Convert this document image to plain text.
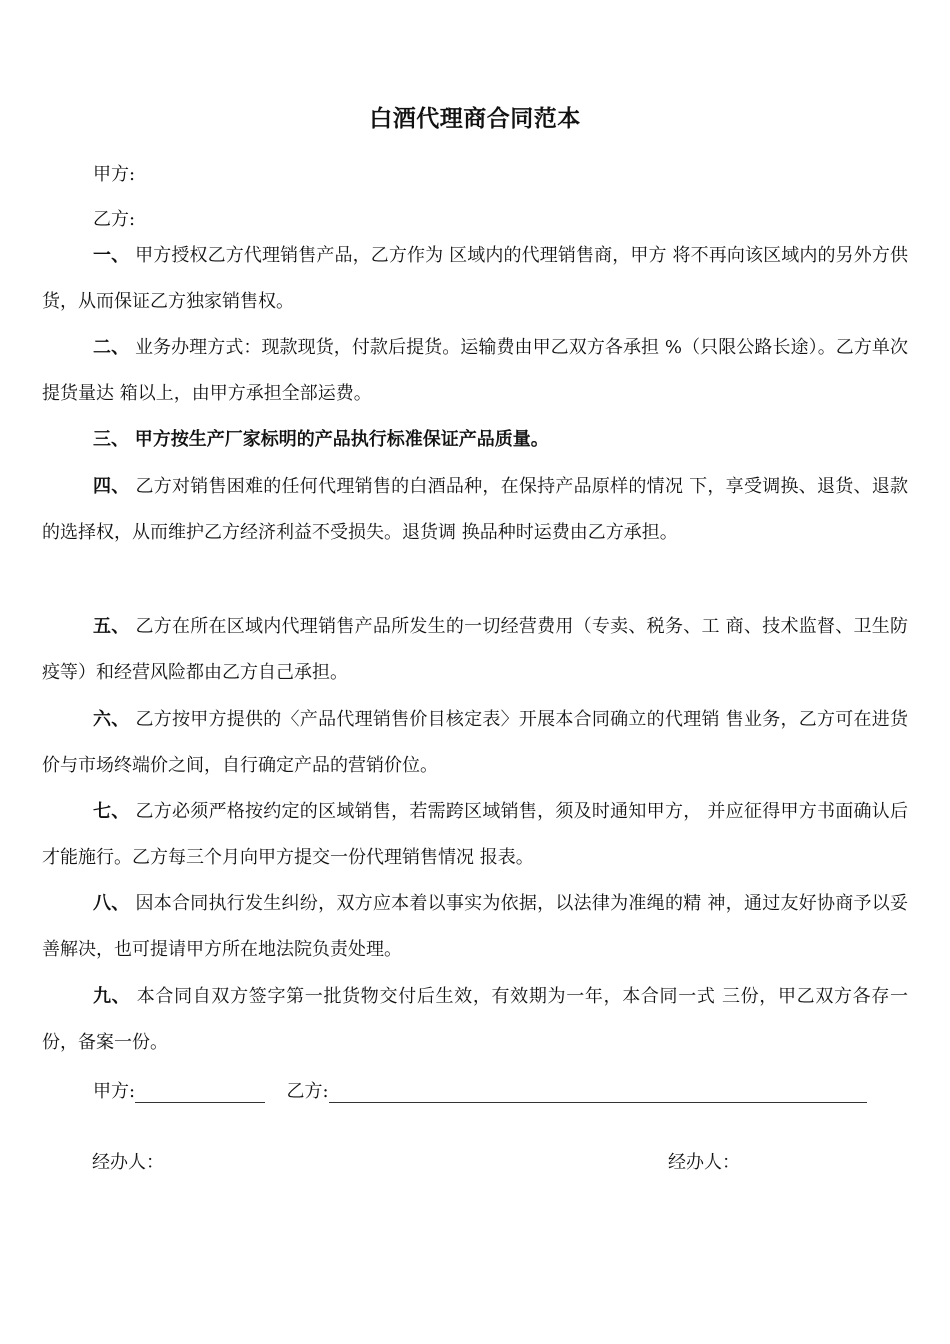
白酒代理商合同范本
甲方:
乙方:
一、 甲方授权乙方代理销售产品，乙方作为 区域内的代理销售商，甲方 将不再向该区域内的另外方供货，从而保证乙方独家销售权。
二、 业务办理方式：现款现货，付款后提货。运输费由甲乙双方各承担 %（只限公路长途）。乙方单次提货量达 箱以上，由甲方承担全部运费。
三、 甲方按生产厂家标明的产品执行标准保证产品质量。
四、 乙方对销售困难的任何代理销售的白酒品种，在保持产品原样的情况 下，享受调换、退货、退款的选择权，从而维护乙方经济利益不受损失。退货调 换品种时运费由乙方承担。
五、 乙方在所在区域内代理销售产品所发生的一切经营费用（专卖、税务、工 商、技术监督、卫生防疫等）和经营风险都由乙方自己承担。
六、 乙方按甲方提供的〈产品代理销售价目核定表〉开展本合同确立的代理销 售业务，乙方可在进货价与市场终端价之间，自行确定产品的营销价位。
七、 乙方必须严格按约定的区域销售，若需跨区域销售，须及时通知甲方， 并应征得甲方书面确认后才能施行。乙方每三个月向甲方提交一份代理销售情况 报表。
八、 因本合同执行发生纠纷，双方应本着以事实为依据，以法律为准绳的精 神，通过友好协商予以妥善解决，也可提请甲方所在地法院负责处理。
九、 本合同自双方签字第一批货物交付后生效，有效期为一年，本合同一式 三份，甲乙双方各存一份，备案一份。
甲方:	乙方:
经办人：	经办人：
